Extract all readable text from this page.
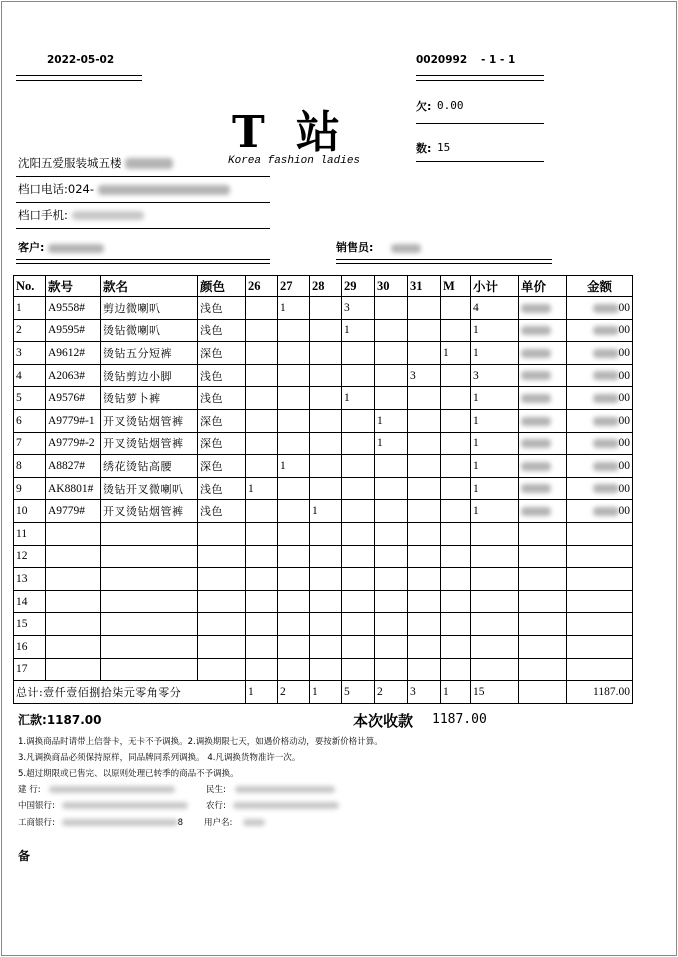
2022-05-02	0020992 - 1 - 1
T 站
Korea fashion ladies
欠: 0.00
数: 15
沈阳五爱服装城五楼
档口电话:024-
档口手机:
客户:	销售员:
No.	款号	款名	颜色	26	27	28	29	30	31	M	小计	单价	金额
1	A9558#	剪边微喇叭	浅色		1		3				4		00
2	A9595#	烫钻微喇叭	浅色				1				1		00
3	A9612#	烫钻五分短裤	深色							1	1		00
4	A2063#	烫钻剪边小脚	浅色						3		3		00
5	A9576#	烫钻萝卜裤	浅色				1				1		00
6	A9779#-1	开叉烫钻烟管裤	深色					1			1		00
7	A9779#-2	开叉烫钻烟管裤	深色					1			1		00
8	A8827#	绣花烫钻高腰	深色		1						1		00
9	AK8801#	烫钻开叉微喇叭	浅色	1							1		00
10	A9779#	开叉烫钻烟管裤	浅色			1					1		00
11													
12													
13													
14													
15													
16													
17													
总计:壹仟壹佰捌拾柒元零角零分				1	2	1	5	2	3	1	15		1187.00
汇款:1187.00	本次收款 1187.00
1.调换商品时请带上信誉卡，无卡不予调换。2.调换期限七天，如遇价格动动，要按新价格计算。
3.凡调换商品必须保持原样，同品牌同系列调换。 4.凡调换货物准许一次。
5.超过期限或已售完、以原则处理已转季的商品不予调换。
建 行:	民生:
中国银行:	农行:
工商银行:	8 用户名:
备
